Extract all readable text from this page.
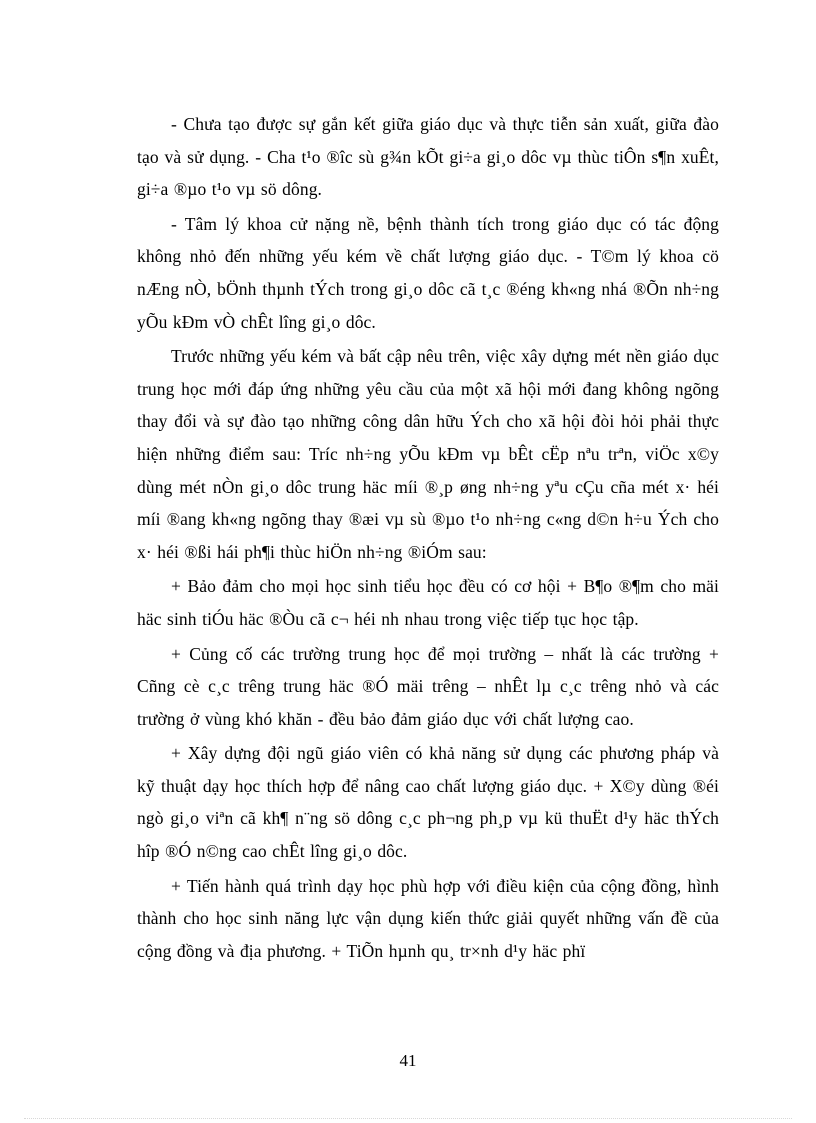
- Chưa tạo được sự gắn kết giữa giáo dục và thực tiễn sản xuất, giữa đào tạo và sử dụng. - Cha t¹o ®îc sù g¾n kÕt gi÷a gi¸o dôc vµ thùc tiÔn s¶n xuÊt, gi÷a ®µo t¹o vµ sö dông.

- Tâm lý khoa cử nặng nề, bệnh thành tích trong giáo dục có tác động không nhỏ đến những yếu kém về chất lượng giáo dục. - T©m lý khoa cö nÆng nÒ, bÖnh thµnh tÝch trong gi¸o dôc cã t¸c ®éng kh«ng nhá ®Õn nh÷ng yÕu kÐm vÒ chÊt lîng gi¸o dôc.

Trước những yếu kém và bất cập nêu trên, việc xây dựng mét nền giáo dục trung học mới đáp ứng những yêu cầu của một xã hội mới đang không ngõng thay đổi và sự đào tạo những công dân hữu Ých cho xã hội đòi hỏi phải thực hiện những điểm sau: Tríc nh÷ng yÕu kÐm vµ bÊt cËp nªu trªn, viÖc x©y dùng mét nÒn gi¸o dôc trung häc míi ®¸p øng nh÷ng yªu cÇu cña mét x· héi míi ®ang kh«ng ngõng thay ®æi vµ sù ®µo t¹o nh÷ng c«ng d©n h÷u Ých cho x· héi ®ßi hái ph¶i thùc hiÖn nh÷ng ®iÓm sau:

+ Bảo đảm cho mọi học sinh tiểu học đều có cơ hội + B¶o ®¶m cho mäi häc sinh tiÓu häc ®Òu cã c¬ héi nh nhau trong việc tiếp tục học tập.

+ Củng cố các trường trung học để mọi trường – nhất là các trường + Cñng cè c¸c trêng trung häc ®Ó mäi trêng – nhÊt lµ c¸c trêng nhỏ và các trường ở vùng khó khăn - đều bảo đảm giáo dục với chất lượng cao.

+ Xây dựng đội ngũ giáo viên có khả năng sử dụng các phương pháp và kỹ thuật dạy học thích hợp để nâng cao chất lượng giáo dục. + X©y dùng ®éi ngò gi¸o viªn cã kh¶ n¨ng sö dông c¸c ph¬ng ph¸p vµ kü thuËt d¹y häc thÝch hîp ®Ó n©ng cao chÊt lîng gi¸o dôc.

+ Tiến hành quá trình dạy học phù hợp với điều kiện của cộng đồng, hình thành cho học sinh năng lực vận dụng kiến thức giải quyết những vấn đề của cộng đồng và địa phương. + TiÕn hµnh qu¸ tr×nh d¹y häc phï

41
